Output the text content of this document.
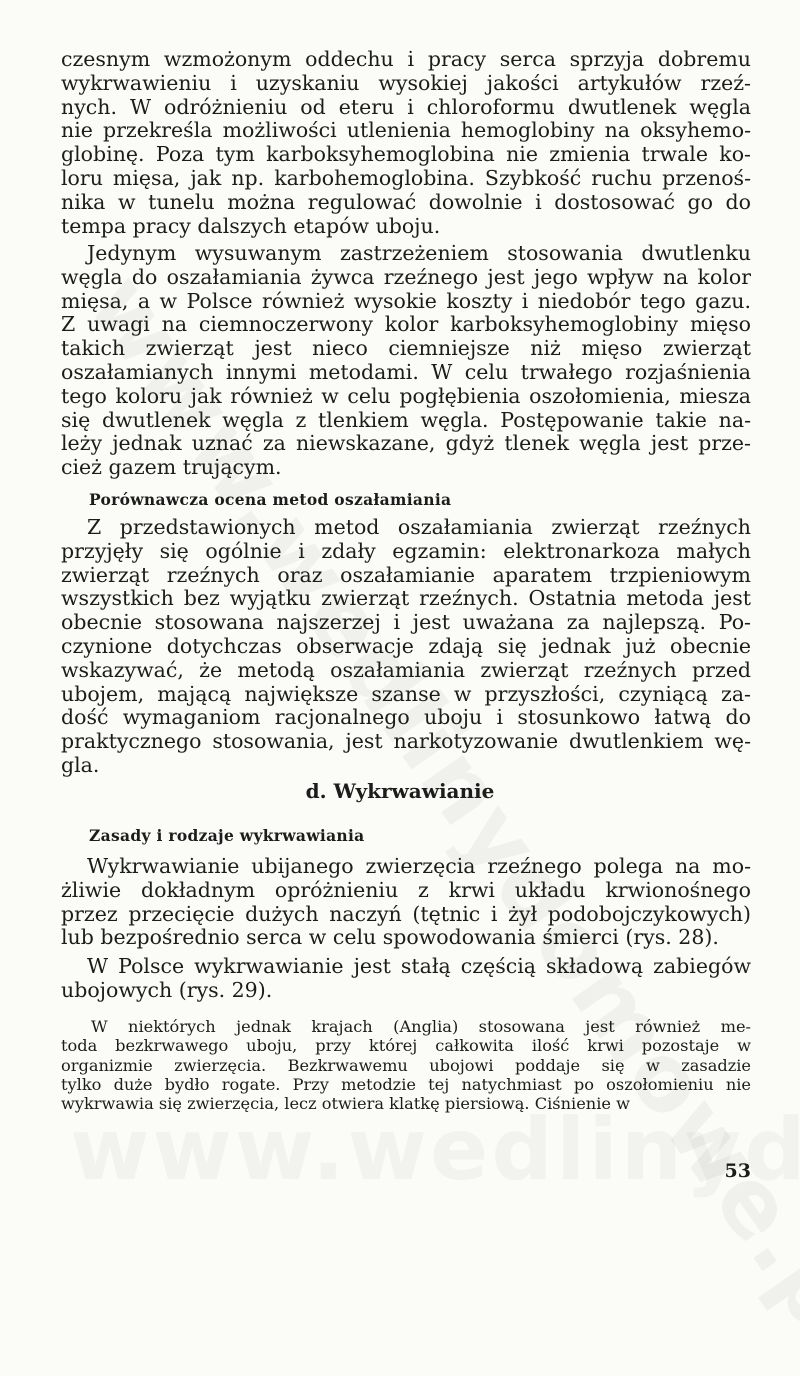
czesnym wzmożonym oddechu i pracy serca sprzyja dobremu
wykrwawieniu i uzyskaniu wysokiej jakości artykułów rzeź-
nych. W odróżnieniu od eteru i chloroformu dwutlenek węgla
nie przekreśla możliwości utlenienia hemoglobiny na oksyhemo-
globinę. Poza tym karboksyhemoglobina nie zmienia trwale ko-
loru mięsa, jak np. karbohemoglobina. Szybkość ruchu przenoś-
nika w tunelu można regulować dowolnie i dostosować go do
tempa pracy dalszych etapów uboju.
Jedynym wysuwanym zastrzeżeniem stosowania dwutlenku
węgla do oszałamiania żywca rzeźnego jest jego wpływ na kolor
mięsa, a w Polsce również wysokie koszty i niedobór tego gazu.
Z uwagi na ciemnoczerwony kolor karboksyhemoglobiny mięso
takich zwierząt jest nieco ciemniejsze niż mięso zwierząt
oszałamianych innymi metodami. W celu trwałego rozjaśnienia
tego koloru jak również w celu pogłębienia oszołomienia, miesza
się dwutlenek węgla z tlenkiem węgla. Postępowanie takie na-
leży jednak uznać za niewskazane, gdyż tlenek węgla jest prze-
cież gazem trującym.
Porównawcza ocena metod oszałamiania
Z przedstawionych metod oszałamiania zwierząt rzeźnych
przyjęły się ogólnie i zdały egzamin: elektronarkoza małych
zwierząt rzeźnych oraz oszałamianie aparatem trzpieniowym
wszystkich bez wyjątku zwierząt rzeźnych. Ostatnia metoda jest
obecnie stosowana najszerzej i jest uważana za najlepszą. Po-
czynione dotychczas obserwacje zdają się jednak już obecnie
wskazywać, że metodą oszałamiania zwierząt rzeźnych przed
ubojem, mającą największe szanse w przyszłości, czyniącą za-
dość wymaganiom racjonalnego uboju i stosunkowo łatwą do
praktycznego stosowania, jest narkotyzowanie dwutlenkiem wę-
gla.
d. Wykrwawianie
Zasady i rodzaje wykrwawiania
Wykrwawianie ubijanego zwierzęcia rzeźnego polega na mo-
żliwie dokładnym opróżnieniu z krwi układu krwionośnego
przez przecięcie dużych naczyń (tętnic i żył podobojczykowych)
lub bezpośrednio serca w celu spowodowania śmierci (rys. 28).
W Polsce wykrwawianie jest stałą częścią składową zabiegów
ubojowych (rys. 29).
W niektórych jednak krajach (Anglia) stosowana jest również me-
toda bezkrwawego uboju, przy której całkowita ilość krwi pozostaje w
organizmie zwierzęcia. Bezkrwawemu ubojowi poddaje się w zasadzie
tylko duże bydło rogate. Przy metodzie tej natychmiast po oszołomieniu nie
wykrwawia się zwierzęcia, lecz otwiera klatkę piersiową. Ciśnienie w
53
